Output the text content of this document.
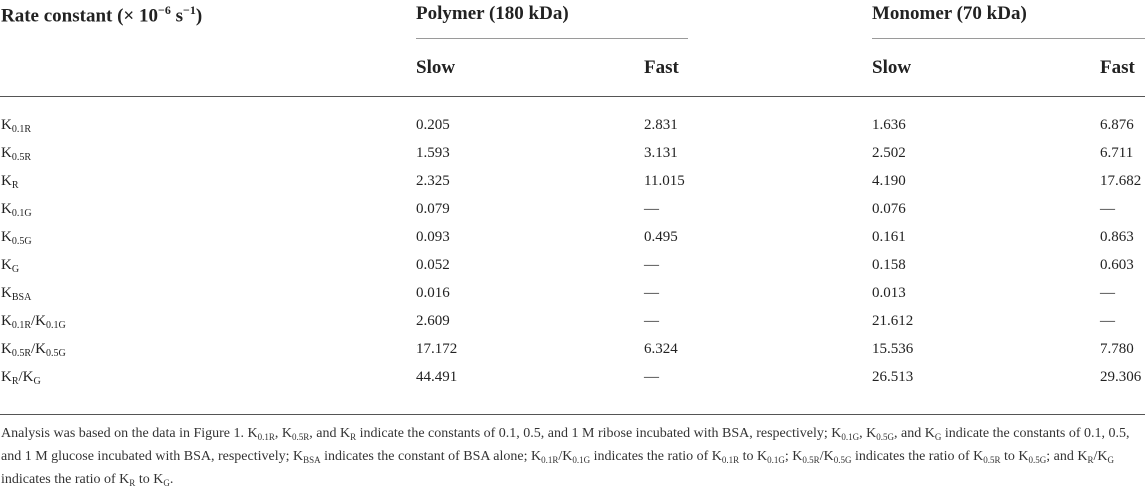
Rate constant (× $10^{-6}$ $s^{-1}$)	Polymer (180 kDa)	Monomer (70 kDa)
Slow	Fast	Slow	Fast
$K_{0.1R}$	0.205	2.831	1.636	6.876
$K_{0.5R}$	1.593	3.131	2.502	6.711
$K_R$	2.325	11.015	4.190	17.682
$K_{0.1G}$	0.079	—	0.076	—
$K_{0.5G}$	0.093	0.495	0.161	0.863
$K_G$	0.052	—	0.158	0.603
$K_{BSA}$	0.016	—	0.013	—
$K_{0.1R}/K_{0.1G}$	2.609	—	21.612	—
$K_{0.5R}/K_{0.5G}$	17.172	6.324	15.536	7.780
$K_R/K_G$	44.491	—	26.513	29.306
Analysis was based on the data in Figure 1. $K_{0.1R}$, $K_{0.5R}$, and $K_R$ indicate the constants of 0.1, 0.5, and 1 M ribose incubated with BSA, respectively; $K_{0.1G}$, $K_{0.5G}$, and $K_G$ indicate the constants of 0.1, 0.5, and 1 M glucose incubated with BSA, respectively; $K_{BSA}$ indicates the constant of BSA alone; $K_{0.1R}/K_{0.1G}$ indicates the ratio of $K_{0.1R}$ to $K_{0.1G}$; $K_{0.5R}/K_{0.5G}$ indicates the ratio of $K_{0.5R}$ to $K_{0.5G}$; and $K_R/K_G$ indicates the ratio of $K_R$ to $K_G$.
